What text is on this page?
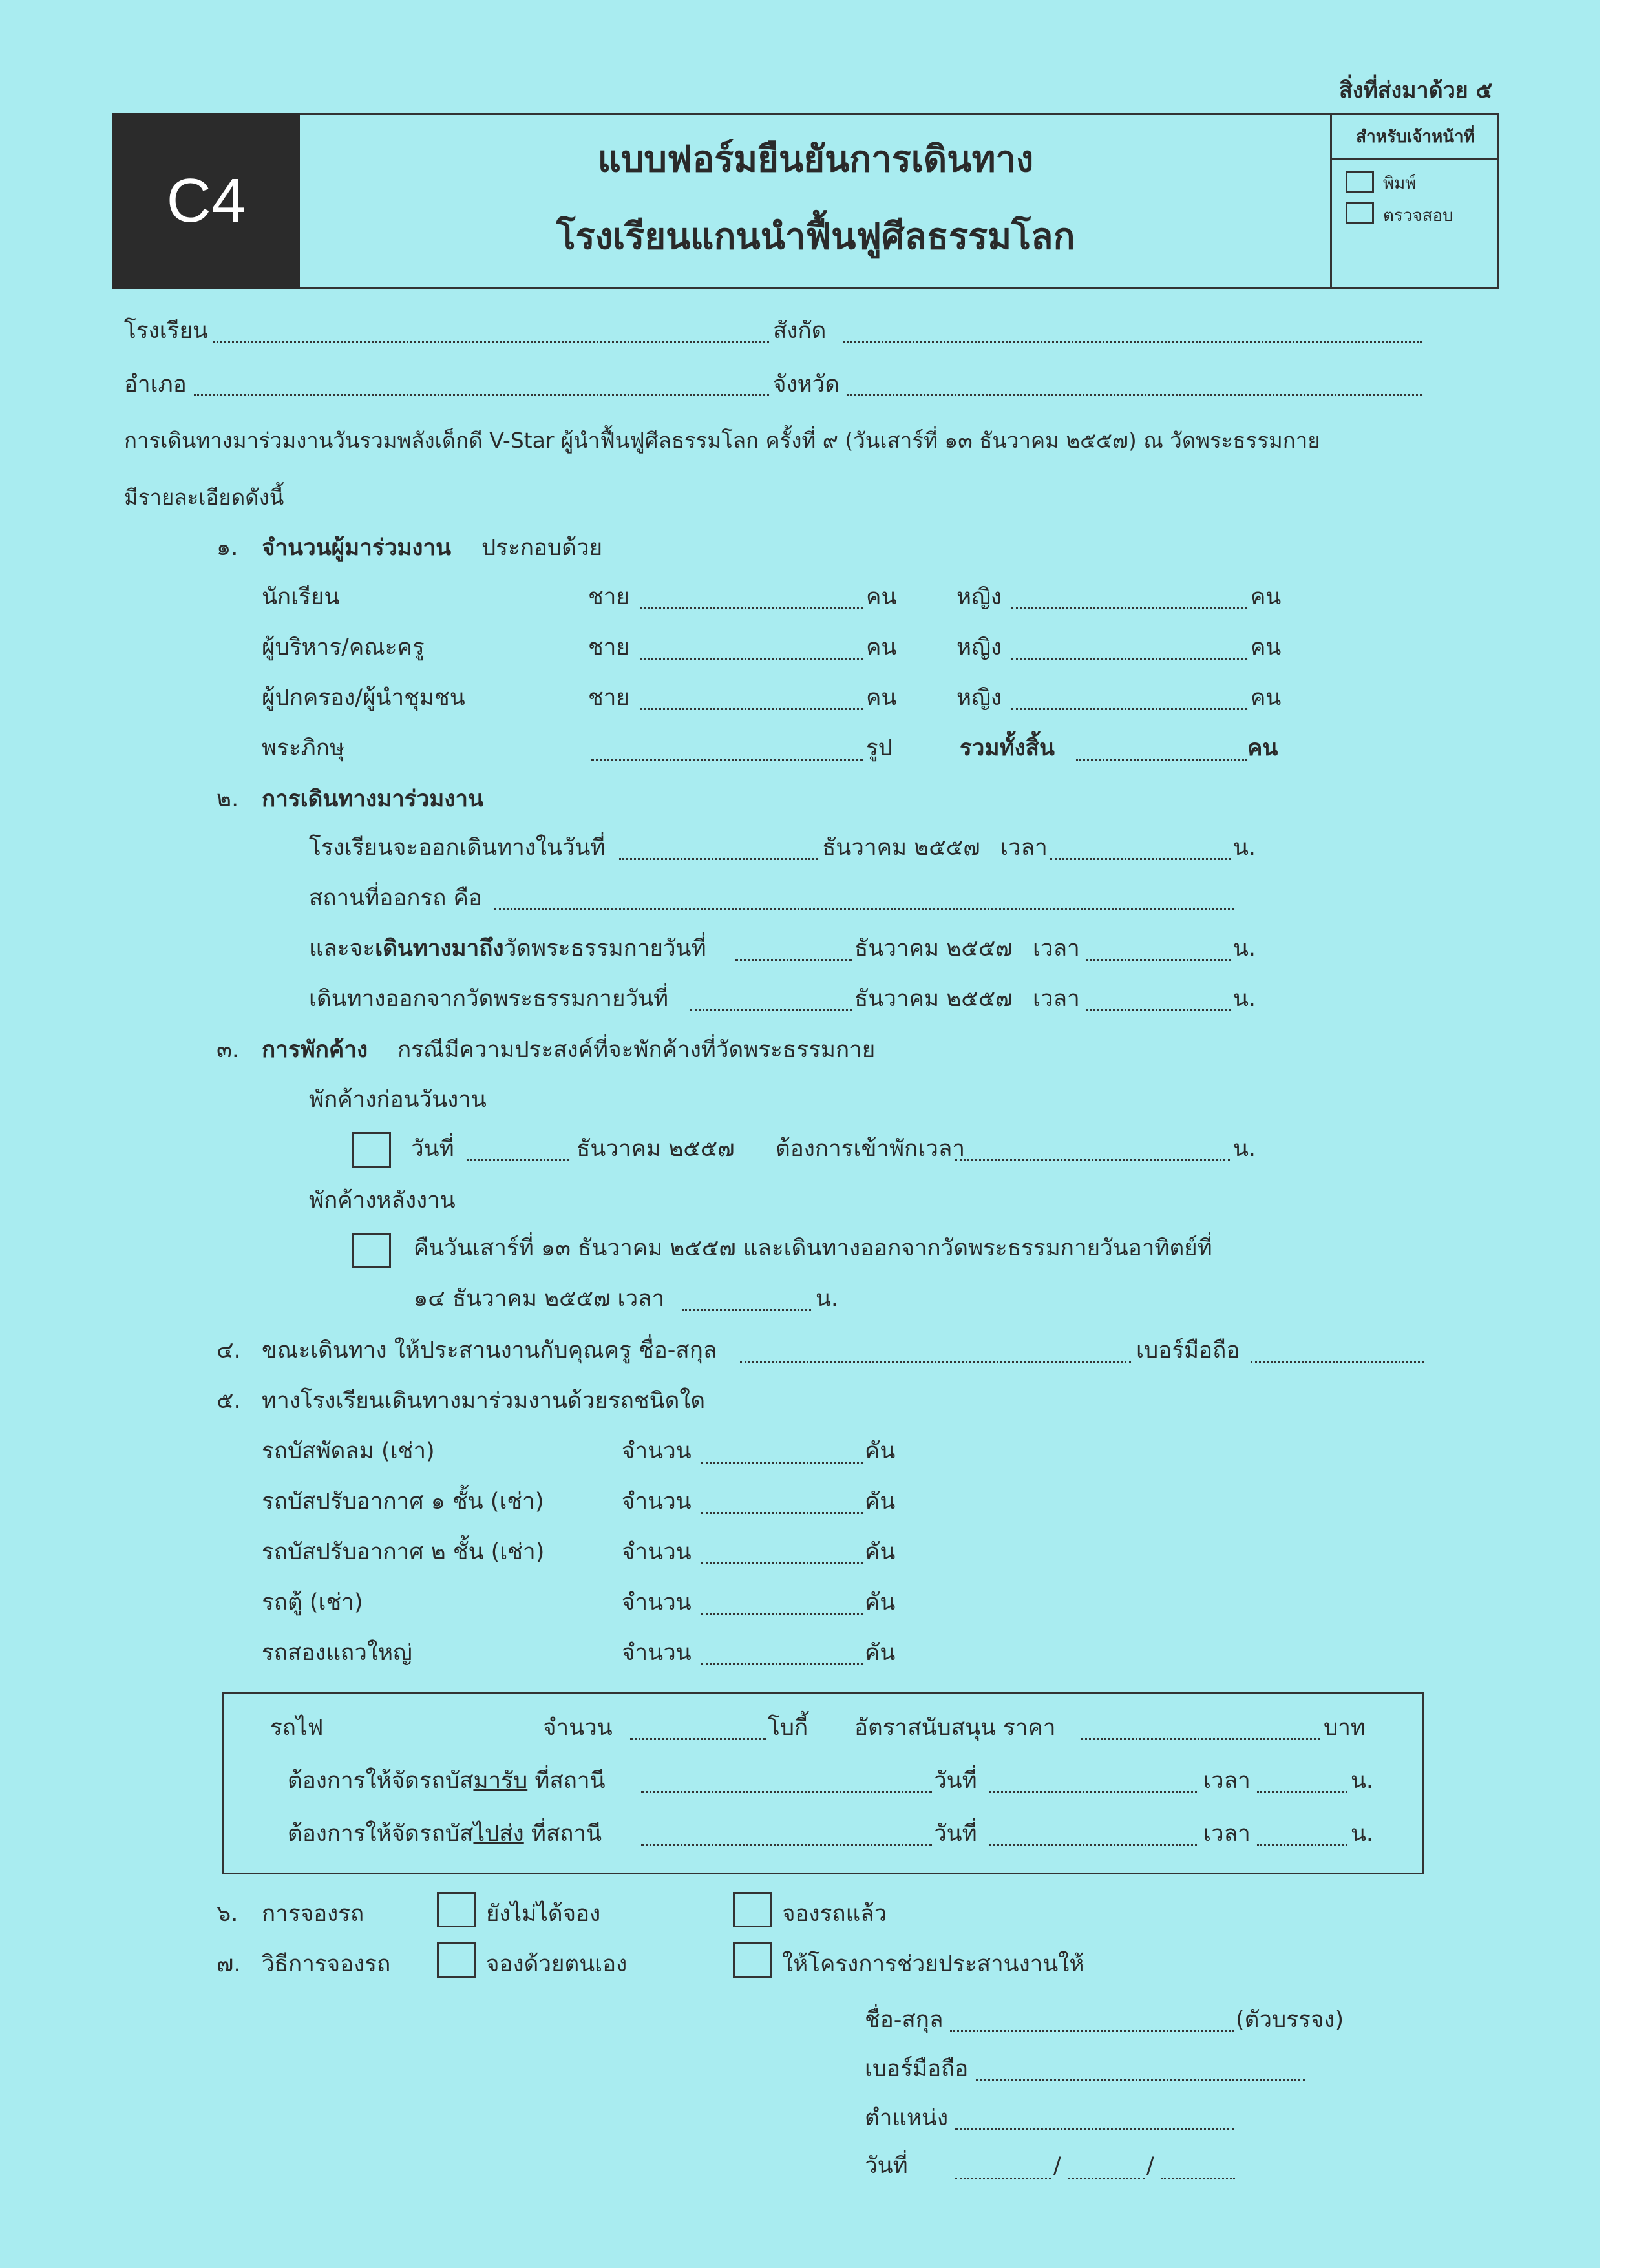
สิ่งที่ส่งมาด้วย ๕
C4
แบบฟอร์มยืนยันการเดินทาง
โรงเรียนแกนนำฟื้นฟูศีลธรรมโลก
สำหรับเจ้าหน้าที่
พิมพ์
ตรวจสอบ
โรงเรียน	สังกัด
อำเภอ	จังหวัด
การเดินทางมาร่วมงานวันรวมพลังเด็กดี V-Star ผู้นำฟื้นฟูศีลธรรมโลก ครั้งที่ ๙ (วันเสาร์ที่ ๑๓ ธันวาคม ๒๕๕๗) ณ วัดพระธรรมกาย
มีรายละเอียดดังนี้
๑. จำนวนผู้มาร่วมงาน ประกอบด้วย
นักเรียน	ชาย	คน	หญิง	คน
ผู้บริหาร/คณะครู	ชาย	คน	หญิง	คน
ผู้ปกครอง/ผู้นำชุมชน	ชาย	คน	หญิง	คน
พระภิกษุ	รูป	รวมทั้งสิ้น	คน
๒. การเดินทางมาร่วมงาน
โรงเรียนจะออกเดินทางในวันที่	ธันวาคม ๒๕๕๗ เวลา	น.
สถานที่ออกรถ คือ
และจะเดินทางมาถึงวัดพระธรรมกายวันที่	ธันวาคม ๒๕๕๗ เวลา	น.
เดินทางออกจากวัดพระธรรมกายวันที่	ธันวาคม ๒๕๕๗ เวลา	น.
๓. การพักค้าง กรณีมีความประสงค์ที่จะพักค้างที่วัดพระธรรมกาย
พักค้างก่อนวันงาน
วันที่	ธันวาคม ๒๕๕๗ ต้องการเข้าพักเวลา	น.
พักค้างหลังงาน
คืนวันเสาร์ที่ ๑๓ ธันวาคม ๒๕๕๗ และเดินทางออกจากวัดพระธรรมกายวันอาทิตย์ที่
๑๔ ธันวาคม ๒๕๕๗ เวลา	น.
๔. ขณะเดินทาง ให้ประสานงานกับคุณครู ชื่อ-สกุล	เบอร์มือถือ
๕. ทางโรงเรียนเดินทางมาร่วมงานด้วยรถชนิดใด
รถบัสพัดลม (เช่า)	จำนวน	คัน
รถบัสปรับอากาศ ๑ ชั้น (เช่า)	จำนวน	คัน
รถบัสปรับอากาศ ๒ ชั้น (เช่า)	จำนวน	คัน
รถตู้ (เช่า)	จำนวน	คัน
รถสองแถวใหญ่	จำนวน	คัน
รถไฟ	จำนวน	โบกี้ อัตราสนับสนุน ราคา	บาท
ต้องการให้จัดรถบัสมารับ ที่สถานี	วันที่	เวลา	น.
ต้องการให้จัดรถบัสไปส่ง ที่สถานี	วันที่	เวลา	น.
๖. การจองรถ	ยังไม่ได้จอง	จองรถแล้ว
๗. วิธีการจองรถ	จองด้วยตนเอง	ให้โครงการช่วยประสานงานให้
ชื่อ-สกุล	(ตัวบรรจง)
เบอร์มือถือ
ตำแหน่ง
วันที่	/	/
